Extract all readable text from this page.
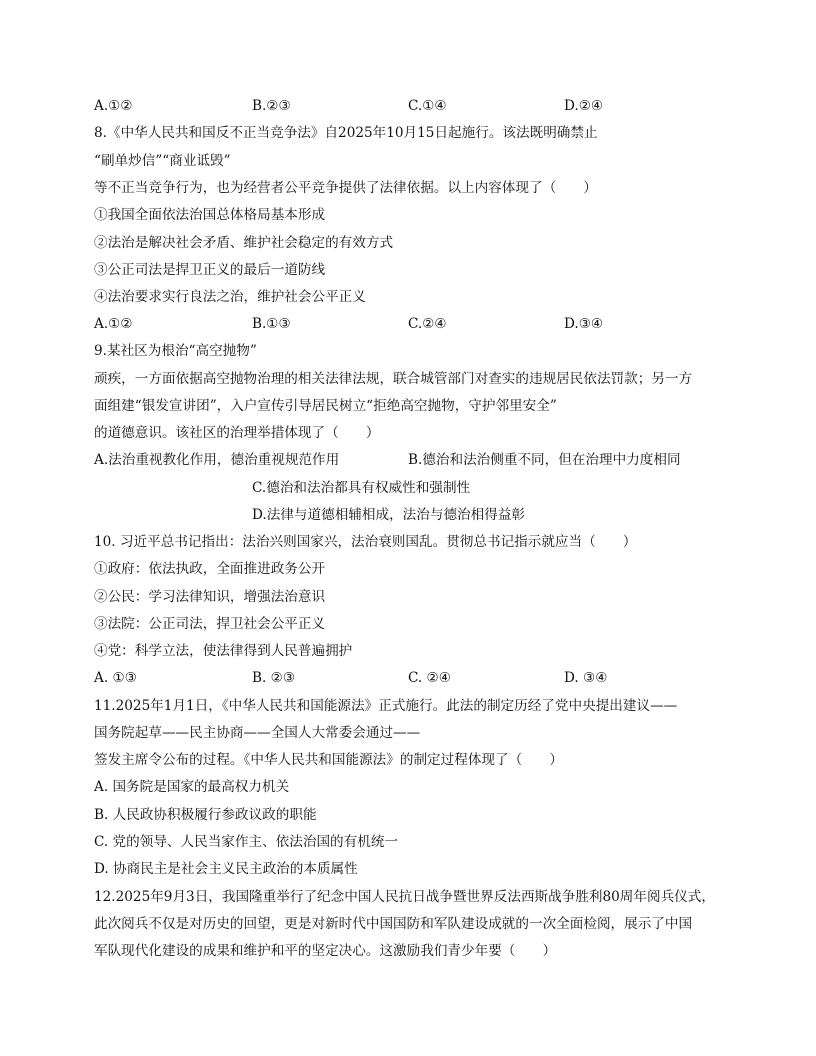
A.①②	B.②③	C.①④	D.②④
8.《中华人民共和国反不正当竞争法》自2025年10月15日起施行。该法既明确禁止
“刷单炒信”“商业诋毁”
等不正当竞争行为，也为经营者公平竞争提供了法律依据。以上内容体现了（　　）
①我国全面依法治国总体格局基本形成
②法治是解决社会矛盾、维护社会稳定的有效方式
③公正司法是捍卫正义的最后一道防线
④法治要求实行良法之治，维护社会公平正义
A.①②	B.①③	C.②④	D.③④
9.某社区为根治“高空抛物”
顽疾，一方面依据高空抛物治理的相关法律法规，联合城管部门对查实的违规居民依法罚款；另一方
面组建“银发宣讲团”，入户宣传引导居民树立“拒绝高空抛物，守护邻里安全”
的道德意识。该社区的治理举措体现了（　　）
A.法治重视教化作用，德治重视规范作用	B.德治和法治侧重不同，但在治理中力度相同
C.德治和法治都具有权威性和强制性
D.法律与道德相辅相成，法治与德治相得益彰
10. 习近平总书记指出：法治兴则国家兴，法治衰则国乱。贯彻总书记指示就应当（　　）
①政府：依法执政，全面推进政务公开
②公民：学习法律知识，增强法治意识
③法院：公正司法，捍卫社会公平正义
④党：科学立法，使法律得到人民普遍拥护
A. ①③	B. ②③	C. ②④	D. ③④
11.2025年1月1日，《中华人民共和国能源法》正式施行。此法的制定历经了党中央提出建议——
国务院起草——民主协商——全国人大常委会通过——
签发主席令公布的过程。《中华人民共和国能源法》的制定过程体现了（　　）
A. 国务院是国家的最高权力机关
B. 人民政协积极履行参政议政的职能
C. 党的领导、人民当家作主、依法治国的有机统一
D. 协商民主是社会主义民主政治的本质属性
12.2025年9月3日，我国隆重举行了纪念中国人民抗日战争暨世界反法西斯战争胜利80周年阅兵仪式，
此次阅兵不仅是对历史的回望，更是对新时代中国国防和军队建设成就的一次全面检阅，展示了中国
军队现代化建设的成果和维护和平的坚定决心。这激励我们青少年要（　　）
